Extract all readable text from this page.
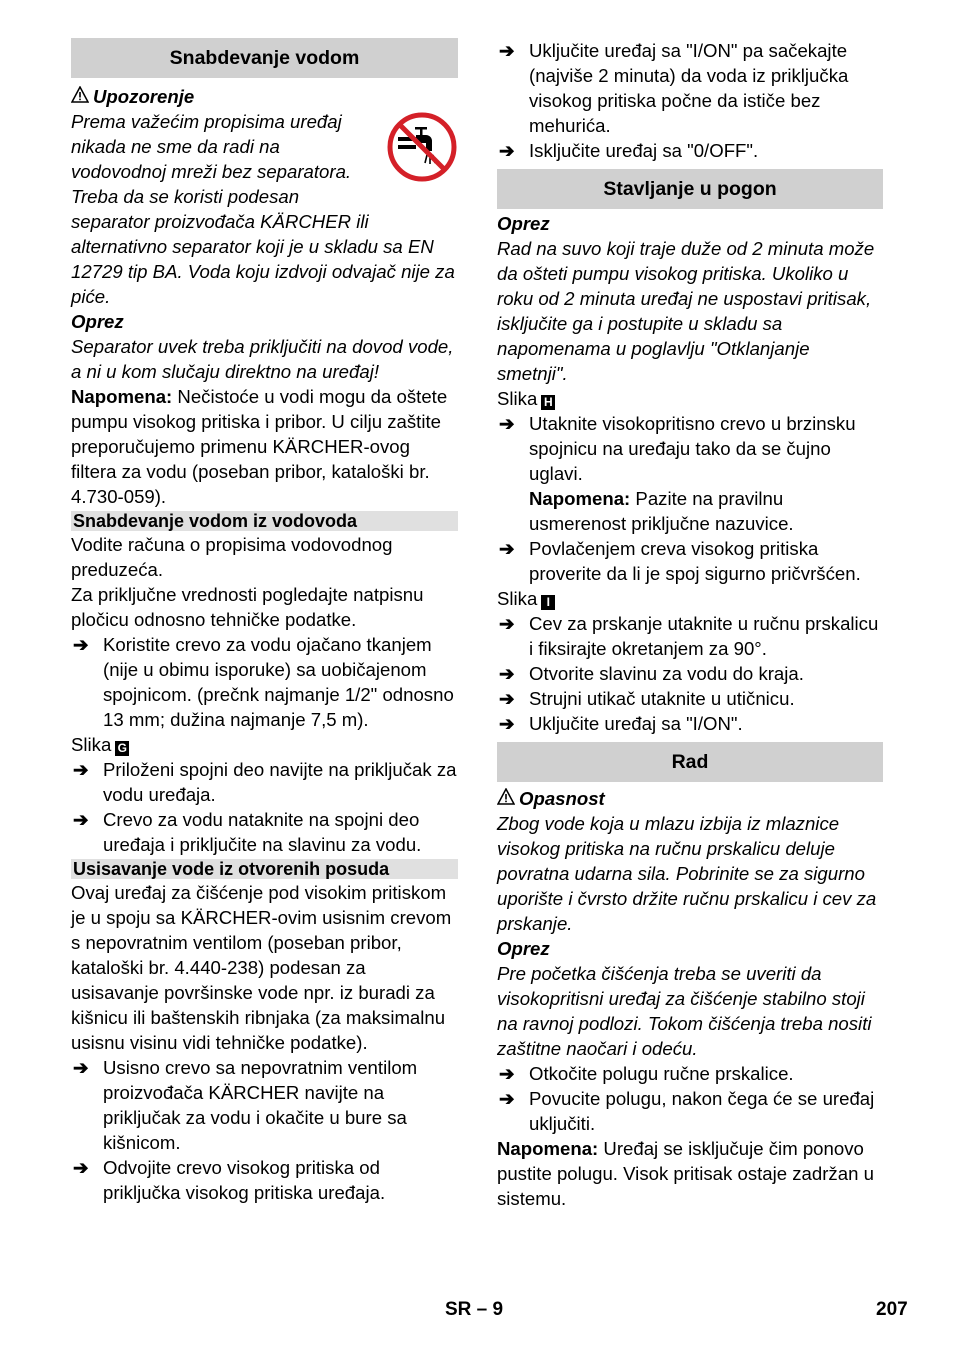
Snabdevanje vodom
Upozorenje

Prema važećim propisima uređaj nikada ne sme da radi na vodovodnoj mreži bez separatora. Treba da se koristi podesan separator proizvođača KÄRCHER ili alternativno separator koji je u skladu sa EN 12729 tip BA. Voda koju izdvoji odvajač nije za piće.

Oprez

Separator uvek treba priključiti na dovod vode, a ni u kom slučaju direktno na uređaj!

Napomena: Nečistoće u vodi mogu da oštete pumpu visokog pritiska i pribor. U cilju zaštite preporučujemo primenu KÄRCHER-ovog filtera za vodu (poseban pribor, kataloški br. 4.730-059).

Snabdevanje vodom iz vodovoda

Vodite računa o propisima vodovodnog preduzeća.

Za priključne vrednosti pogledajte natpisnu pločicu odnosno tehničke podatke.

➔ Koristite crevo za vodu ojačano tkanjem (nije u obimu isporuke) sa uobičajenom spojnicom. (prečnk najmanje 1/2" odnosno 13 mm; dužina najmanje 7,5 m).

Slika G

➔ Priloženi spojni deo navijte na priključak za vodu uređaja.
➔ Crevo za vodu nataknite na spojni deo uređaja i priključite na slavinu za vodu.
Usisavanje vode iz otvorenih posuda

Ovaj uređaj za čišćenje pod visokim pritiskom je u spoju sa KÄRCHER-ovim usisnim crevom s nepovratnim ventilom (poseban pribor, kataloški br. 4.440-238) podesan za usisavanje površinske vode npr. iz buradi za kišnicu ili baštenskih ribnjaka (za maksimalnu usisnu visinu vidi tehničke podatke).

➔ Usisno crevo sa nepovratnim ventilom proizvođača KÄRCHER navijte na priključak za vodu i okačite u bure sa kišnicom.
➔ Odvojite crevo visokog pritiska od priključka visokog pritiska uređaja.
➔ Uključite uređaj sa "I/ON" pa sačekajte (najviše 2 minuta) da voda iz priključka visokog pritiska počne da ističe bez mehurića.
➔ Isključite uređaj sa "0/OFF".
Stavljanje u pogon

Oprez

Rad na suvo koji traje duže od 2 minuta može da ošteti pumpu visokog pritiska. Ukoliko u roku od 2 minuta uređaj ne uspostavi pritisak, isključite ga i postupite u skladu sa napomenama u poglavlju "Otklanjanje smetnji".

Slika H

➔ Utaknite visokopritisno crevo u brzinsku spojnicu na uređaju tako da se čujno uglavi.

Napomena: Pazite na pravilnu usmerenost priključne nazuvice.

➔ Povlačenjem creva visokog pritiska proverite da li je spoj sigurno pričvršćen.

Slika I

➔ Cev za prskanje utaknite u ručnu prskalicu i fiksirajte okretanjem za 90°.
➔ Otvorite slavinu za vodu do kraja.
➔ Strujni utikač utaknite u utičnicu.
➔ Uključite uređaj sa "I/ON".
Rad
Opasnost

Zbog vode koja u mlazu izbija iz mlaznice visokog pritiska na ručnu prskalicu deluje povratna udarna sila. Pobrinite se za sigurno uporište i čvrsto držite ručnu prskalicu i cev za prskanje.

Oprez

Pre početka čišćenja treba se uveriti da visokopritisni uređaj za čišćenje stabilno stoji na ravnoj podlozi. Tokom čišćenja treba nositi zaštitne naočari i odeću.

➔ Otkočite polugu ručne prskalice.
➔ Povucite polugu, nakon čega će se uređaj uključiti.

Napomena: Uređaj se isključuje čim ponovo pustite polugu. Visok pritisak ostaje zadržan u sistemu.

SR – 9	207
